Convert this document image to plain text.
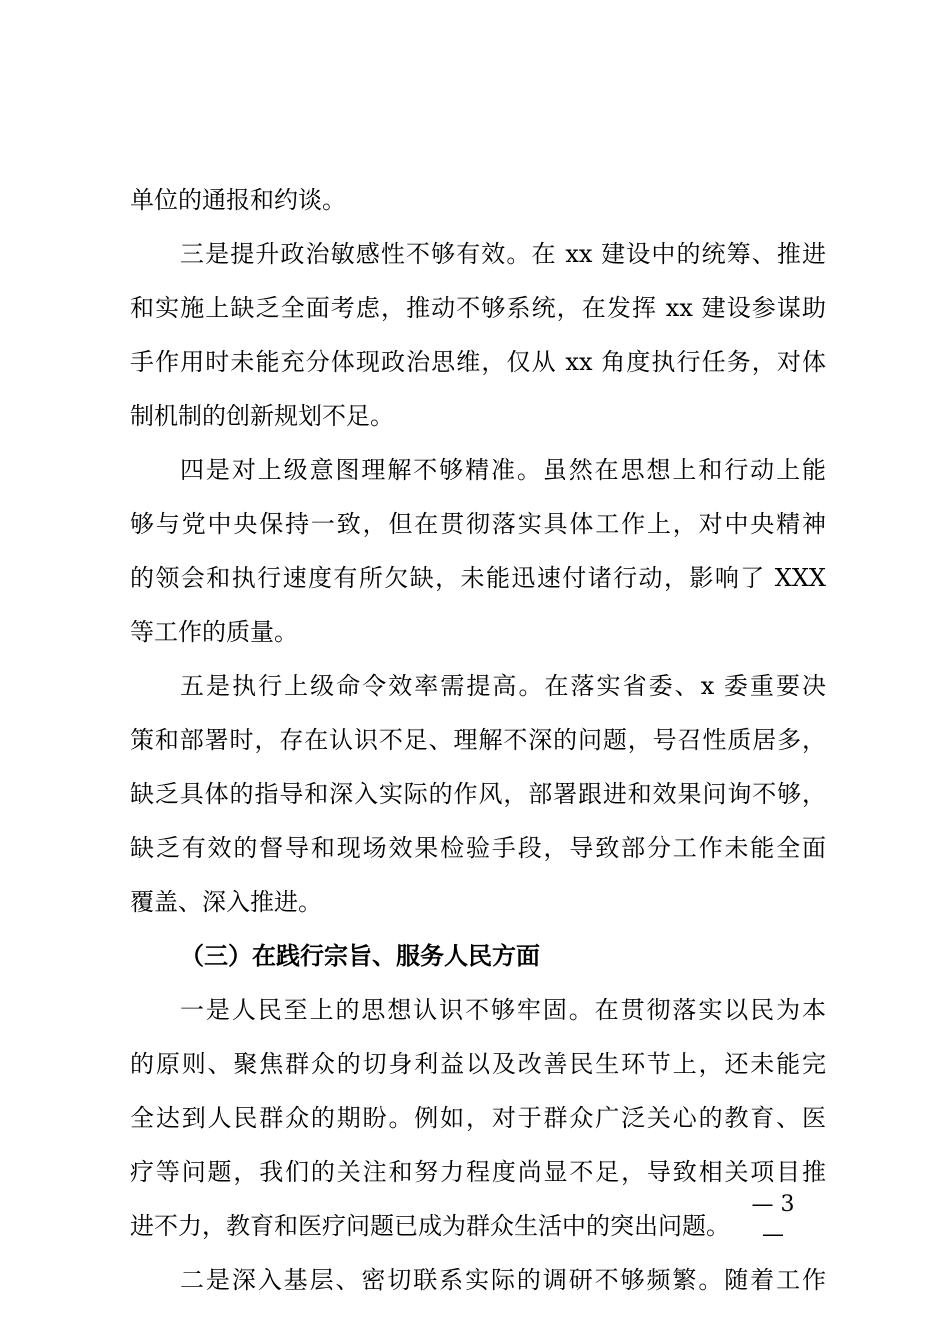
单位的通报和约谈。
三是提升政治敏感性不够有效。在 xx 建设中的统筹、推进
和实施上缺乏全面考虑，推动不够系统，在发挥 xx 建设参谋助
手作用时未能充分体现政治思维，仅从 xx 角度执行任务，对体
制机制的创新规划不足。
四是对上级意图理解不够精准。虽然在思想上和行动上能
够与党中央保持一致，但在贯彻落实具体工作上，对中央精神
的领会和执行速度有所欠缺，未能迅速付诸行动，影响了 XXX
等工作的质量。
五是执行上级命令效率需提高。在落实省委、x 委重要决
策和部署时，存在认识不足、理解不深的问题，号召性质居多，
缺乏具体的指导和深入实际的作风，部署跟进和效果问询不够，
缺乏有效的督导和现场效果检验手段，导致部分工作未能全面
覆盖、深入推进。
（三）在践行宗旨、服务人民方面
一是人民至上的思想认识不够牢固。在贯彻落实以民为本
的原则、聚焦群众的切身利益以及改善民生环节上，还未能完
全达到人民群众的期盼。例如，对于群众广泛关心的教育、医
疗等问题，我们的关注和努力程度尚显不足，导致相关项目推
进不力，教育和医疗问题已成为群众生活中的突出问题。
二是深入基层、密切联系实际的调研不够频繁。随着工作
— 3 —
